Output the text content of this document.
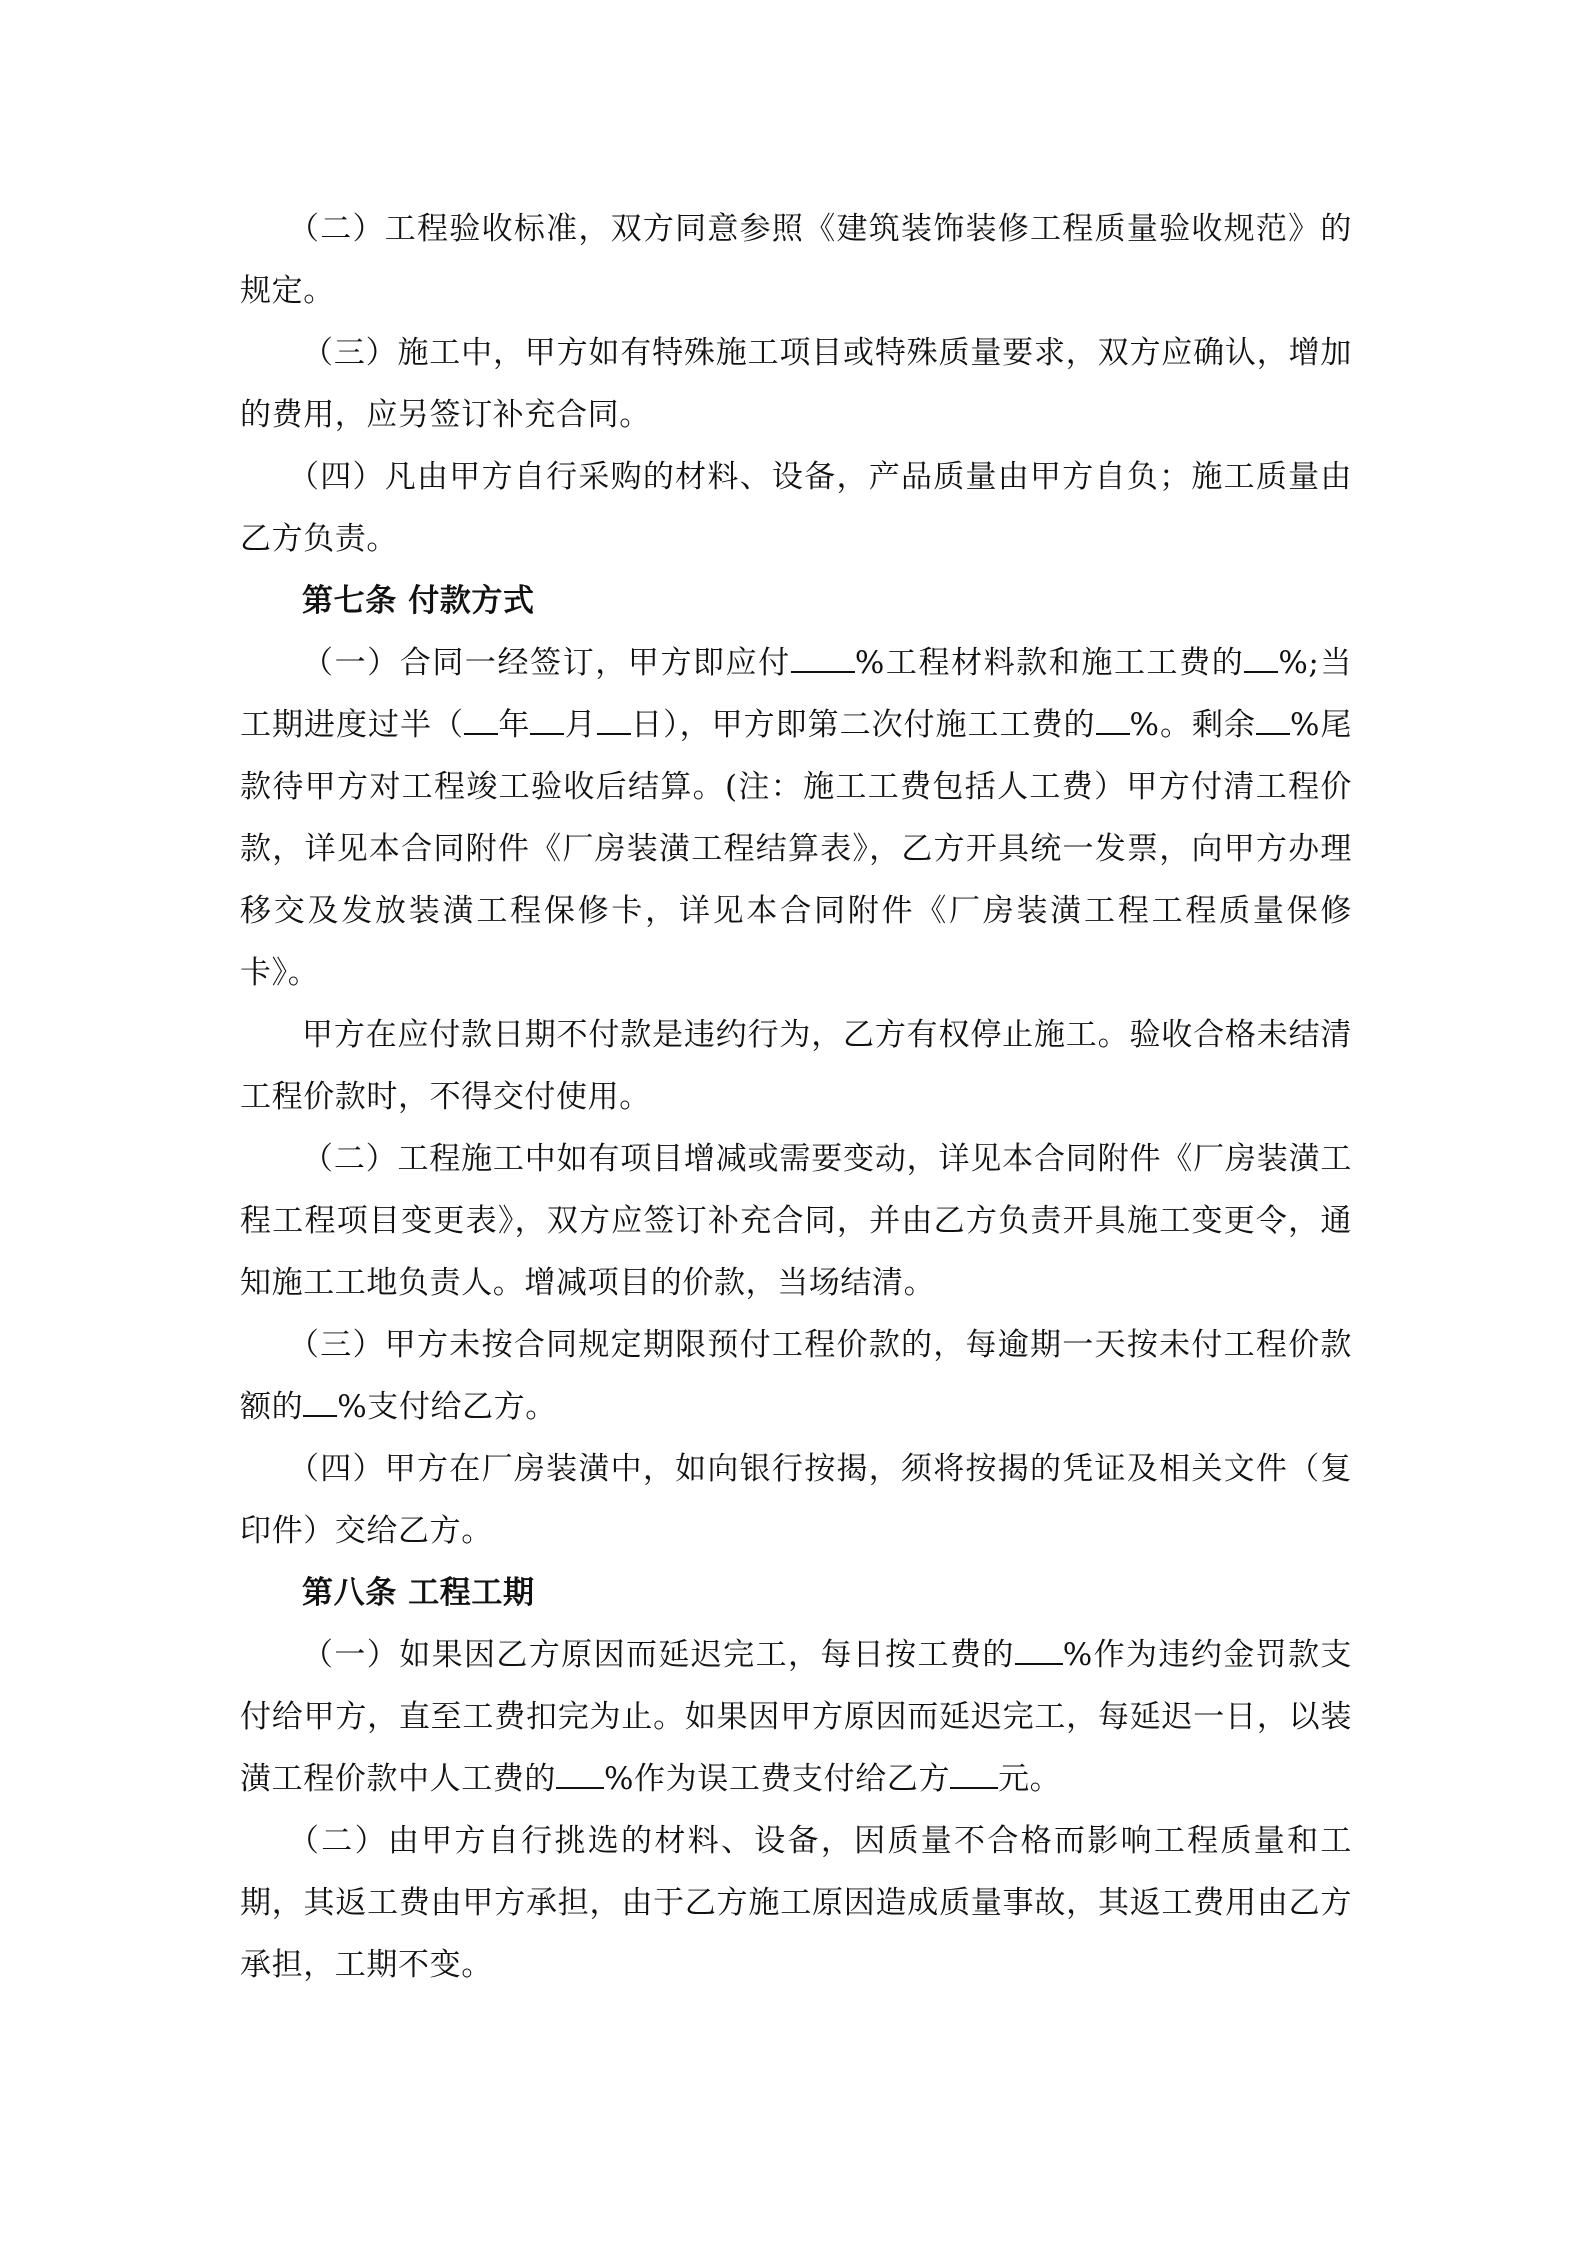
（二）工程验收标准，双方同意参照《建筑装饰装修工程质量验收规范》的规定。

（三）施工中，甲方如有特殊施工项目或特殊质量要求，双方应确认，增加的费用，应另签订补充合同。

（四）凡由甲方自行采购的材料、设备，产品质量由甲方自负；施工质量由乙方负责。

第七条 付款方式

（一）合同一经签订，甲方即应付 %工程材料款和施工工费的 %;当工期进度过半（ 年 月 日），甲方即第二次付施工工费的 %。剩余 %尾款待甲方对工程竣工验收后结算。(注：施工工费包括人工费）甲方付清工程价款，详见本合同附件《厂房装潢工程结算表》，乙方开具统一发票，向甲方办理移交及发放装潢工程保修卡，详见本合同附件《厂房装潢工程工程质量保修卡》。

甲方在应付款日期不付款是违约行为，乙方有权停止施工。验收合格未结清工程价款时，不得交付使用。

（二）工程施工中如有项目增减或需要变动，详见本合同附件《厂房装潢工程工程项目变更表》，双方应签订补充合同，并由乙方负责开具施工变更令，通知施工工地负责人。增减项目的价款，当场结清。

（三）甲方未按合同规定期限预付工程价款的，每逾期一天按未付工程价款额的 %支付给乙方。

（四）甲方在厂房装潢中，如向银行按揭，须将按揭的凭证及相关文件（复印件）交给乙方。

第八条 工程工期

（一）如果因乙方原因而延迟完工，每日按工费的 %作为违约金罚款支付给甲方，直至工费扣完为止。如果因甲方原因而延迟完工，每延迟一日，以装潢工程价款中人工费的 %作为误工费支付给乙方 元。

（二）由甲方自行挑选的材料、设备，因质量不合格而影响工程质量和工期，其返工费由甲方承担，由于乙方施工原因造成质量事故，其返工费用由乙方承担，工期不变。
